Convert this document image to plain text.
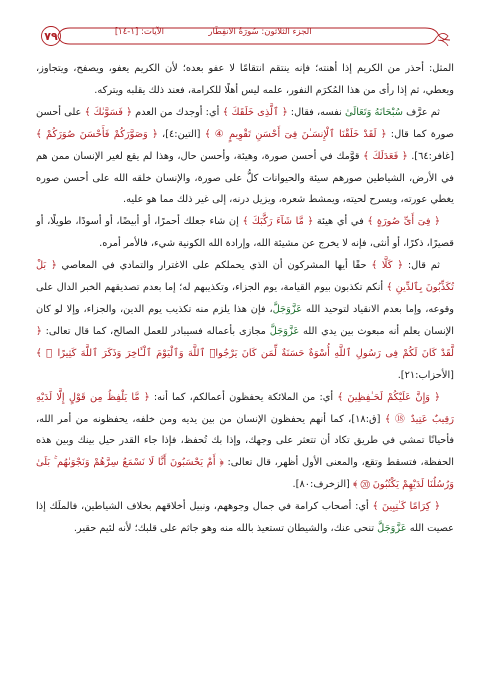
٧٩	الآيات: [١-١٤]	الجزء الثلاثون: سُورَةُ الانفِطَار

المثل: أحذر من الكريم إذا أهنته؛ فإنه ينتقم انتقامًا لا عفو بعده؛ لأن الكريم يعفو، ويصفح، ويتجاوز، ويعطي، ثم إذا رأى من هذا المُكرَم النفور، علمه ليس أهلًا للكرامة، فعند ذلك يقلبه ويتركه.

ثم عرَّف سُبْحَانَهُ وَتَعَالَىٰ نفسه، فقال: ﴿ ٱلَّذِى خَلَقَكَ ﴾ أي: أوجدك من العدم ﴿ فَسَوَّىٰكَ ﴾ على أحسن صورة كما قال: ﴿ لَقَدْ خَلَقْنَا ٱلْإِنسَـٰنَ فِىٓ أَحْسَنِ تَقْوِيمٍ ④ ﴾ [التين:٤]، ﴿ وَصَوَّرَكُمْ فَأَحْسَنَ صُوَرَكُمْ ﴾ [غافر:٦٤]. ﴿ فَعَدَلَكَ ﴾ قوَّمك في أحسن صورة، وهيئة، وأحسن حال، وهذا لم يقع لغير الإنسان ممن هم في الأرض، الشياطين صورهم سيئة والحيوانات كلُّ على صورة، والإنسان خلقه الله على أحسن صوره يغطي عورته، ويسرح لحيته، ويمشط شعره، ويزيل درنه، إلى غير ذلك مما هو عليه.

﴿ فِىٓ أَىِّ صُورَةٍ ﴾ في أي هيئة ﴿ مَّا شَآءَ رَكَّبَكَ ﴾ إن شاء جعلك أحمرًا، أو أبيضًا، أو أسودًا، طويلًا، أو قصيرًا، ذكرًا، أو أنثى، فإنه لا يخرج عن مشيئة الله، وإرادة الله الكونية شيء، فالأمر أمره.

ثم قال: ﴿ كَلَّا ﴾ حقًا أيها المشركون أن الذي يحملكم على الاغترار والتمادي في المعاصي ﴿ بَلْ تُكَذِّبُونَ بِٱلدِّينِ ﴾ أنكم تكذبون بيوم القيامة، يوم الجزاء، وتكذيبهم له؛ إما بعدم تصديقهم الخبر الدال على وقوعه، وإما بعدم الانقياد لتوحيد الله عَزَّوَجَلَّ، فإن هذا يلزم منه تكذيب يوم الدين، والجزاء، وإلا لو كان الإنسان يعلم أنه مبعوث بين يدي الله عَزَّوَجَلَّ مجازى بأعماله فسيبادر للعمل الصالح، كما قال تعالى: ﴿ لَّقَدْ كَانَ لَكُمْ فِى رَسُولِ ٱللَّهِ أُسْوَةٌ حَسَنَةٌ لِّمَن كَانَ يَرْجُوا۟ ٱللَّهَ وَٱلْيَوْمَ ٱلْـَٔاخِرَ وَذَكَرَ ٱللَّهَ كَثِيرًا ⑳ ﴾ [الأحزاب:٢١].

﴿ وَإِنَّ عَلَيْكُمْ لَحَـٰفِظِينَ ﴾ أي: من الملائكة يحفظون أعمالكم، كما أنه: ﴿ مَّا يَلْفِظُ مِن قَوْلٍ إِلَّا لَدَيْهِ رَقِيبٌ عَتِيدٌ ⑱ ﴾ [ق:١٨]، كما أنهم يحفظون الإنسان من بين يديه ومن خلفه، يحفظونه من أمر الله، فأحيانًا تمشي في طريق تكاد أن تتعثر على وجهك، وإذا بك تُحفظ، فإذا جاء القدر حيل بينك وبين هذه الحفظة، فتسقط وتقع، والمعنى الأول أظهر، قال تعالى: ﴿ أَمْ يَحْسَبُونَ أَنَّا لَا نَسْمَعُ سِرَّهُمْ وَنَجْوَىٰهُم ۚ بَلَىٰ وَرُسُلُنَا لَدَيْهِمْ يَكْتُبُونَ ⑳ ﴾ [الزخرف:٨٠].

﴿ كِرَامًا كَـٰتِبِينَ ﴾ أي: أصحاب كرامة في جمال وجوههم، ونبيل أخلاقهم بخلاف الشياطين، فالملَك إذا عصيت الله عَزَّوَجَلَّ تنحى عنك، والشيطان تستعيذ بالله منه وهو جاثم على قلبك؛ لأنه لئيم حقير.
